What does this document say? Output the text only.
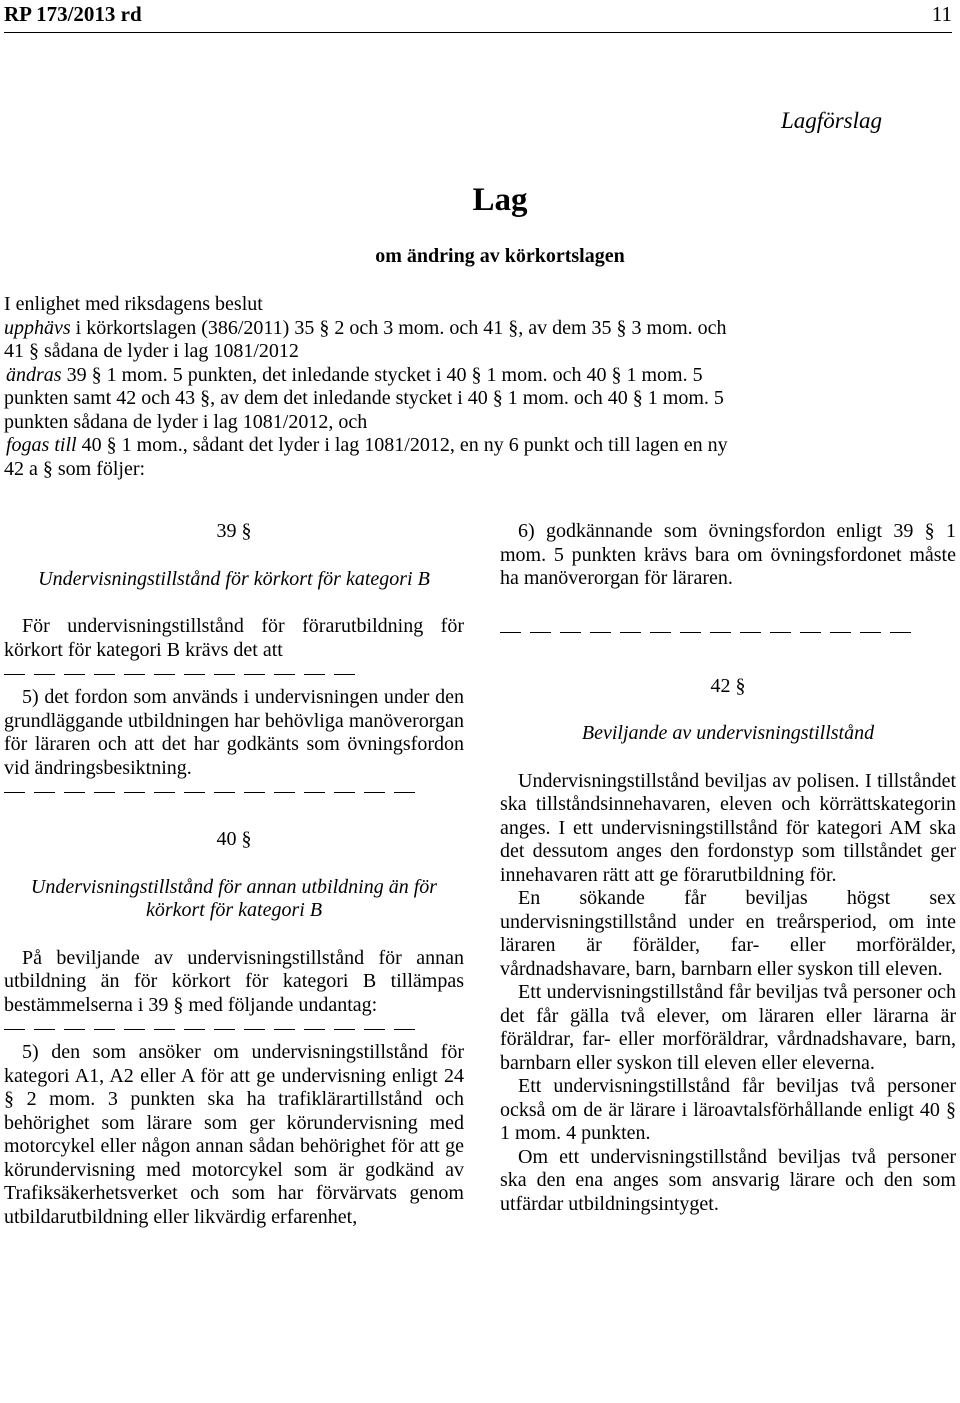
RP 173/2013 rd	11
Lagförslag
Lag
om ändring av körkortslagen

I enlighet med riksdagens beslut

upphävs i körkortslagen (386/2011) 35 § 2 och 3 mom. och 41 §, av dem 35 § 3 mom. och

41 § sådana de lyder i lag 1081/2012

ändras 39 § 1 mom. 5 punkten, det inledande stycket i 40 § 1 mom. och 40 § 1 mom. 5

punkten samt 42 och 43 §, av dem det inledande stycket i 40 § 1 mom. och 40 § 1 mom. 5

punkten sådana de lyder i lag 1081/2012, och

fogas till 40 § 1 mom., sådant det lyder i lag 1081/2012, en ny 6 punkt och till lagen en ny

42 a § som följer:

39 §

Undervisningstillstånd för körkort för kategori B

För undervisningstillstånd för förarutbildning för körkort för kategori B krävs det att

5) det fordon som används i undervisningen under den grundläggande utbildningen har behövliga manöverorgan för läraren och att det har godkänts som övningsfordon vid ändringsbesiktning.

40 §

Undervisningstillstånd för annan utbildning än för körkort för kategori B

På beviljande av undervisningstillstånd för annan utbildning än för körkort för kategori B tillämpas bestämmelserna i 39 § med följande undantag:

5) den som ansöker om undervisningstillstånd för kategori A1, A2 eller A för att ge undervisning enligt 24 § 2 mom. 3 punkten ska ha trafiklärartillstånd och behörighet som lärare som ger körundervisning med motorcykel eller någon annan sådan behörighet för att ge körundervisning med motorcykel som är godkänd av Trafiksäkerhetsverket och som har förvärvats genom utbildarutbildning eller likvärdig erfarenhet,

6) godkännande som övningsfordon enligt 39 § 1 mom. 5 punkten krävs bara om övningsfordonet måste ha manöverorgan för läraren.

42 §

Beviljande av undervisningstillstånd

Undervisningstillstånd beviljas av polisen. I tillståndet ska tillståndsinnehavaren, eleven och körrättskategorin anges. I ett undervisningstillstånd för kategori AM ska det dessutom anges den fordonstyp som tillståndet ger innehavaren rätt att ge förarutbildning för.

En sökande får beviljas högst sex undervisningstillstånd under en treårsperiod, om inte läraren är förälder, far- eller morförälder, vårdnadshavare, barn, barnbarn eller syskon till eleven.

Ett undervisningstillstånd får beviljas två personer och det får gälla två elever, om läraren eller lärarna är föräldrar, far- eller morföräldrar, vårdnadshavare, barn, barnbarn eller syskon till eleven eller eleverna.

Ett undervisningstillstånd får beviljas två personer också om de är lärare i läroavtalsförhållande enligt 40 § 1 mom. 4 punkten.

Om ett undervisningstillstånd beviljas två personer ska den ena anges som ansvarig lärare och den som utfärdar utbildningsintyget.
